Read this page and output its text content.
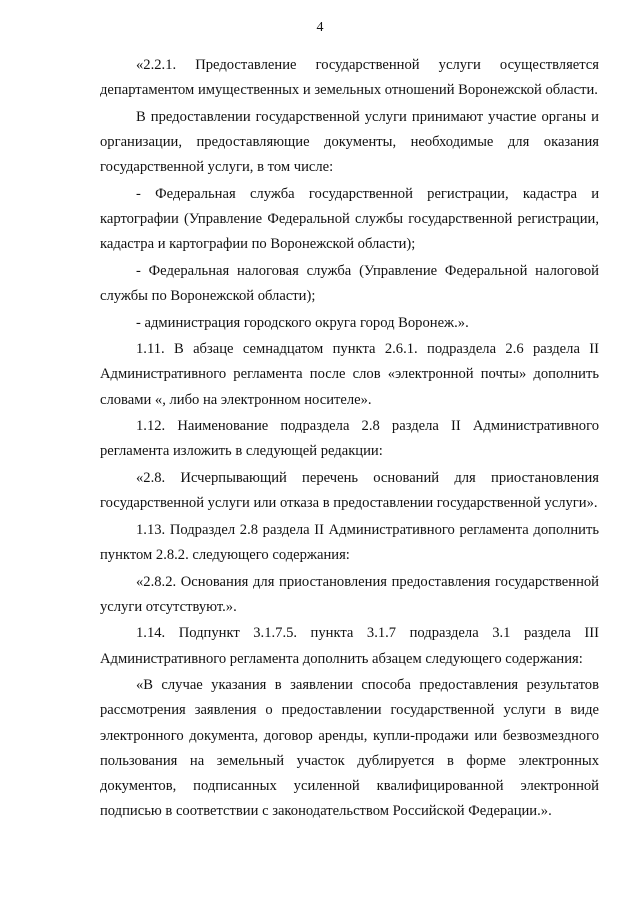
4

«2.2.1. Предоставление государственной услуги осуществляется департаментом имущественных и земельных отношений Воронежской области.

В предоставлении государственной услуги принимают участие органы и организации, предоставляющие документы, необходимые для оказания государственной услуги, в том числе:

- Федеральная служба государственной регистрации, кадастра и картографии (Управление Федеральной службы государственной регистрации, кадастра и картографии по Воронежской области);

- Федеральная налоговая служба (Управление Федеральной налоговой службы по Воронежской области);

- администрация городского округа город Воронеж.».

1.11. В абзаце семнадцатом пункта 2.6.1. подраздела 2.6 раздела II Административного регламента после слов «электронной почты» дополнить словами «, либо на электронном носителе».

1.12. Наименование подраздела 2.8 раздела II Административного регламента изложить в следующей редакции:

«2.8. Исчерпывающий перечень оснований для приостановления государственной услуги или отказа в предоставлении государственной услуги».

1.13. Подраздел 2.8 раздела II Административного регламента дополнить пунктом 2.8.2. следующего содержания:

«2.8.2. Основания для приостановления предоставления государственной услуги отсутствуют.».

1.14. Подпункт 3.1.7.5. пункта 3.1.7 подраздела 3.1 раздела III Административного регламента дополнить абзацем следующего содержания:

«В случае указания в заявлении способа предоставления результатов рассмотрения заявления о предоставлении государственной услуги в виде электронного документа, договор аренды, купли-продажи или безвозмездного пользования на земельный участок дублируется в форме электронных документов, подписанных усиленной квалифицированной электронной подписью в соответствии с законодательством Российской Федерации.».
